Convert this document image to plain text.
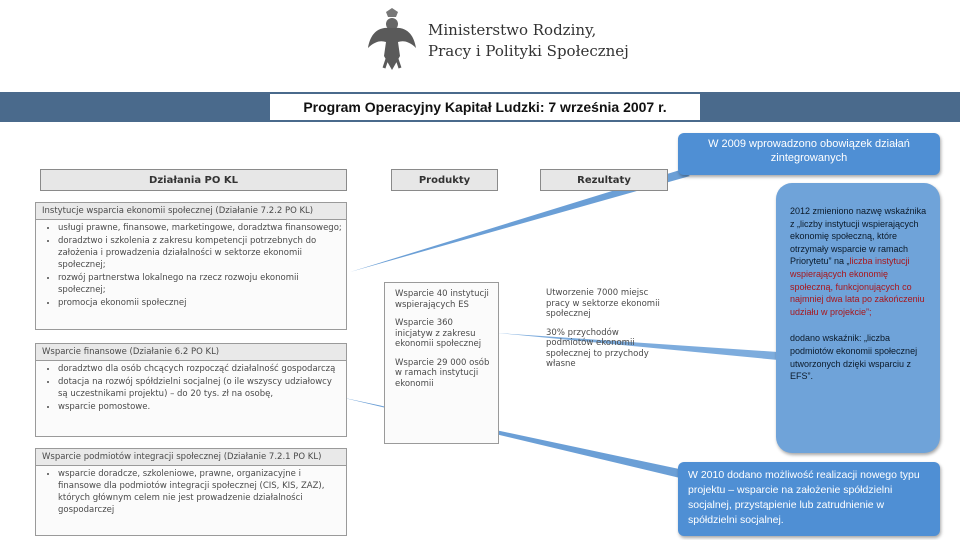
Ministerstwo Rodziny,
Pracy i Polityki Społecznej
Program Operacyjny Kapitał Ludzki: 7 września 2007 r.
Działania PO KL	Produkty	Rezultaty
Instytucje wsparcia ekonomii społecznej (Działanie 7.2.2 PO KL)
• usługi prawne, finansowe, marketingowe, doradztwa finansowego;
• doradztwo i szkolenia z zakresu kompetencji potrzebnych do założenia i prowadzenia działalności w sektorze ekonomii społecznej;
• rozwój partnerstwa lokalnego na rzecz rozwoju ekonomii społecznej;
• promocja ekonomii społecznej
Wsparcie finansowe (Działanie 6.2 PO KL)
• doradztwo dla osób chcących rozpocząć działalność gospodarczą
• dotacja na rozwój spółdzielni socjalnej (o ile wszyscy udziałowcy są uczestnikami projektu) – do 20 tys. zł na osobę,
• wsparcie pomostowe.
Wsparcie podmiotów integracji społecznej (Działanie 7.2.1 PO KL)
• wsparcie doradcze, szkoleniowe, prawne, organizacyjne i finansowe dla podmiotów integracji społecznej (CIS, KIS, ZAZ), których głównym celem nie jest prowadzenie działalności gospodarczej
Wsparcie 40 instytucji wspierających ES
Wsparcie 360 inicjatyw z zakresu ekonomii społecznej
Wsparcie 29 000 osób w ramach instytucji ekonomii
Utworzenie 7000 miejsc pracy w sektorze ekonomii społecznej
30% przychodów podmiotów ekonomii społecznej to przychody własne
W 2009 wprowadzono obowiązek działań zintegrowanych
2012 zmieniono nazwę wskaźnika z „liczby instytucji wspierających ekonomię społeczną, które otrzymały wsparcie w ramach Priorytetu” na „liczba instytucji wspierających ekonomię społeczną, funkcjonujących co najmniej dwa lata po zakończeniu udziału w projekcie”;
dodano wskaźnik: „liczba podmiotów ekonomii społecznej utworzonych dzięki wsparciu z EFS”.
W 2010 dodano możliwość realizacji nowego typu projektu – wsparcie na założenie spółdzielni socjalnej, przystąpienie lub zatrudnienie w spółdzielni socjalnej.
